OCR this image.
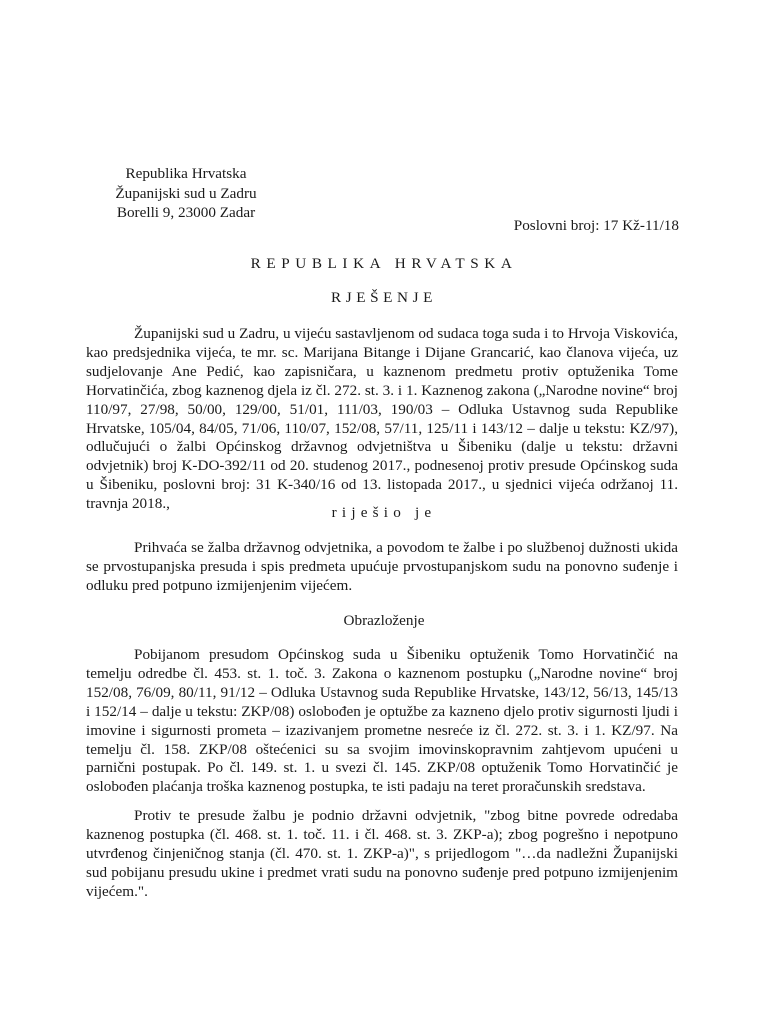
Republika Hrvatska
Županijski sud u Zadru
Borelli 9, 23000 Zadar
Poslovni broj: 17 Kž-11/18
REPUBLIKA HRVATSKA
RJEŠENJE

Županijski sud u Zadru, u vijeću sastavljenom od sudaca toga suda i to Hrvoja Viskovića, kao predsjednika vijeća, te mr. sc. Marijana Bitange i Dijane Grancarić, kao članova vijeća, uz sudjelovanje Ane Pedić, kao zapisničara, u kaznenom predmetu protiv optuženika Tome Horvatinčića, zbog kaznenog djela iz čl. 272. st. 3. i 1. Kaznenog zakona („Narodne novine“ broj 110/97, 27/98, 50/00, 129/00, 51/01, 111/03, 190/03 – Odluka Ustavnog suda Republike Hrvatske, 105/04, 84/05, 71/06, 110/07, 152/08, 57/11, 125/11 i 143/12 – dalje u tekstu: KZ/97), odlučujući o žalbi Općinskog državnog odvjetništva u Šibeniku (dalje u tekstu: državni odvjetnik) broj K-DO-392/11 od 20. studenog 2017., podnesenoj protiv presude Općinskog suda u Šibeniku, poslovni broj: 31 K-340/16 od 13. listopada 2017., u sjednici vijeća održanoj 11. travnja 2018.,

riješio je

Prihvaća se žalba državnog odvjetnika, a povodom te žalbe i po službenoj dužnosti ukida se prvostupanjska presuda i spis predmeta upućuje prvostupanjskom sudu na ponovno suđenje i odluku pred potpuno izmijenjenim vijećem.

Obrazloženje

Pobijanom presudom Općinskog suda u Šibeniku optuženik Tomo Horvatinčić na temelju odredbe čl. 453. st. 1. toč. 3. Zakona o kaznenom postupku („Narodne novine“ broj 152/08, 76/09, 80/11, 91/12 – Odluka Ustavnog suda Republike Hrvatske, 143/12, 56/13, 145/13 i 152/14 – dalje u tekstu: ZKP/08) oslobođen je optužbe za kazneno djelo protiv sigurnosti ljudi i imovine i sigurnosti prometa – izazivanjem prometne nesreće iz čl. 272. st. 3. i 1. KZ/97. Na temelju čl. 158. ZKP/08 oštećenici su sa svojim imovinskopravnim zahtjevom upućeni u parnični postupak. Po čl. 149. st. 1. u svezi čl. 145. ZKP/08 optuženik Tomo Horvatinčić je oslobođen plaćanja troška kaznenog postupka, te isti padaju na teret proračunskih sredstava.

Protiv te presude žalbu je podnio državni odvjetnik, "zbog bitne povrede odredaba kaznenog postupka (čl. 468. st. 1. toč. 11. i čl. 468. st. 3. ZKP-a); zbog pogrešno i nepotpuno utvrđenog činjeničnog stanja (čl. 470. st. 1. ZKP-a)", s prijedlogom "…da nadležni Županijski sud pobijanu presudu ukine i predmet vrati sudu na ponovno suđenje pred potpuno izmijenjenim vijećem.".
